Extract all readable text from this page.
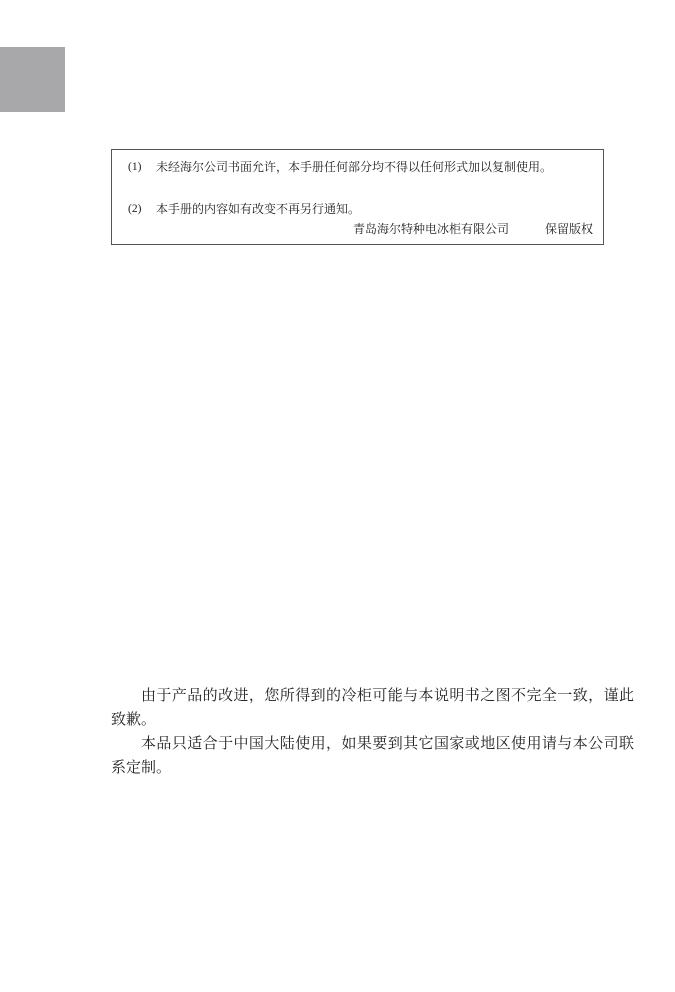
(1)	未经海尔公司书面允许，本手册任何部分均不得以任何形式加以复制使用。
(2)	本手册的内容如有改变不再另行通知。
青岛海尔特种电冰柜有限公司	保留版权

由于产品的改进，您所得到的冷柜可能与本说明书之图不完全一致，谨此致歉。

本品只适合于中国大陆使用，如果要到其它国家或地区使用请与本公司联系定制。
